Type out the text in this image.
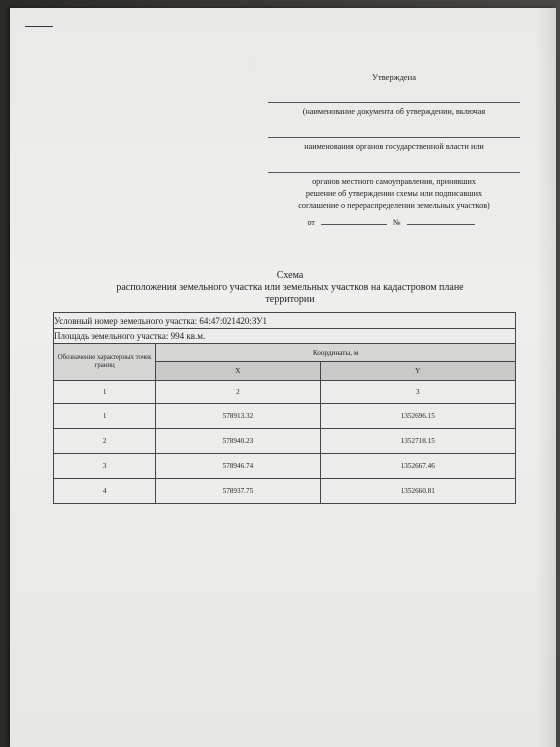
ˈ
Утверждена
(наименование документа об утверждении, включая
наименования органов государственной власти или
органов местного самоуправления, принявших
решение об утверждении схемы или подписавших
соглашение о перераспределении земельных участков)
от	№
Схема
расположения земельного участка или земельных участков на кадастровом плане
территории
Условный номер земельного участка: 64:47:021420:ЗУ1		
Площадь земельного участка: 994 кв.м.		
Обозначение характерных точек границ	Координаты, м	
	X	Y
1	2	3
1	578913.32	1352696.15
2	578940.23	1352718.15
3	578946.74	1352667.46
4	578937.75	1352660.81
